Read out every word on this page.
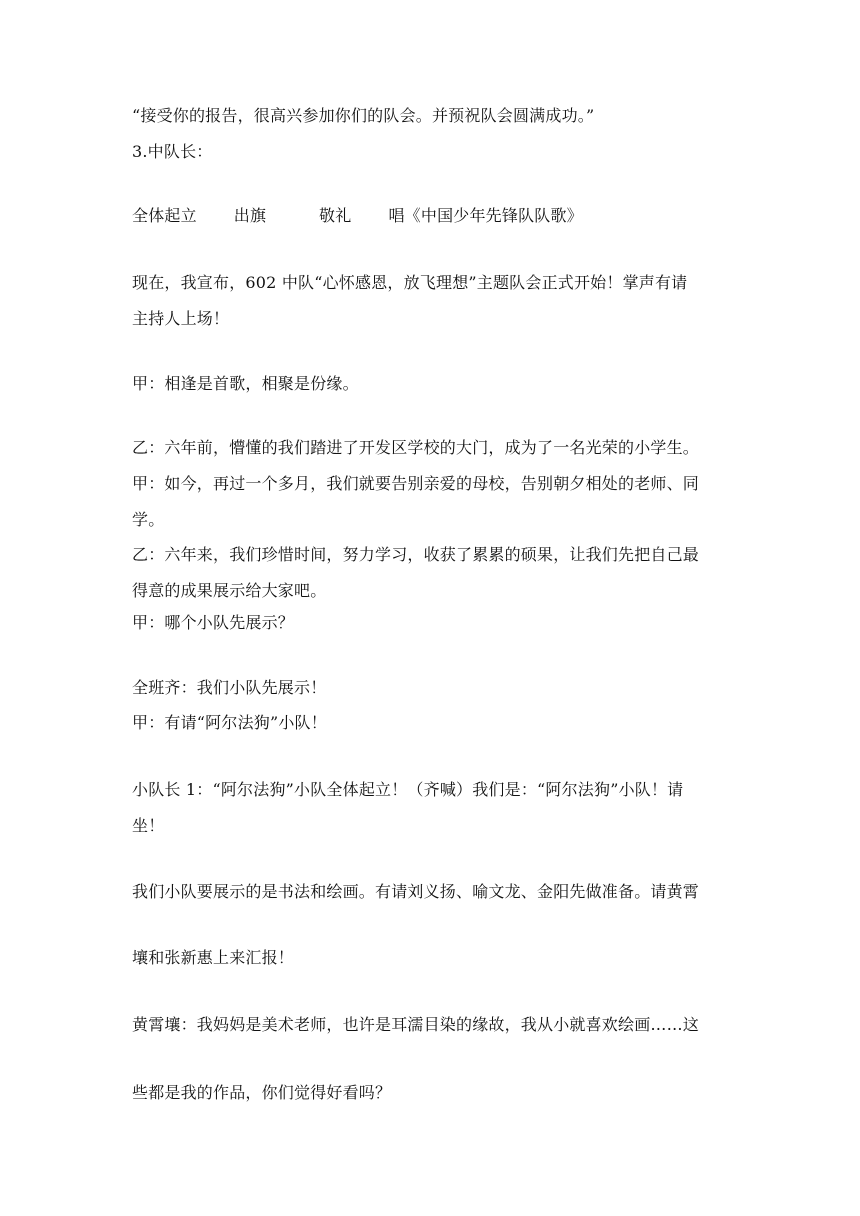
“接受你的报告，很高兴参加你们的队会。并预祝队会圆满成功。”
3.中队长：
全体起立       出旗          敬礼       唱《中国少年先锋队队歌》
现在，我宣布，602 中队“心怀感恩，放飞理想”主题队会正式开始！掌声有请
主持人上场！
甲：相逢是首歌，相聚是份缘。
乙：六年前，懵懂的我们踏进了开发区学校的大门，成为了一名光荣的小学生。
甲：如今，再过一个多月，我们就要告别亲爱的母校，告别朝夕相处的老师、同
学。
乙：六年来，我们珍惜时间，努力学习，收获了累累的硕果，让我们先把自己最
得意的成果展示给大家吧。
甲：哪个小队先展示？
全班齐：我们小队先展示！
甲：有请“阿尔法狗”小队！
小队长 1：“阿尔法狗”小队全体起立！（齐喊）我们是：“阿尔法狗”小队！请
坐！
我们小队要展示的是书法和绘画。有请刘义扬、喻文龙、金阳先做准备。请黄霄
壤和张新惠上来汇报！
黄霄壤：我妈妈是美术老师，也许是耳濡目染的缘故，我从小就喜欢绘画……这
些都是我的作品，你们觉得好看吗？
